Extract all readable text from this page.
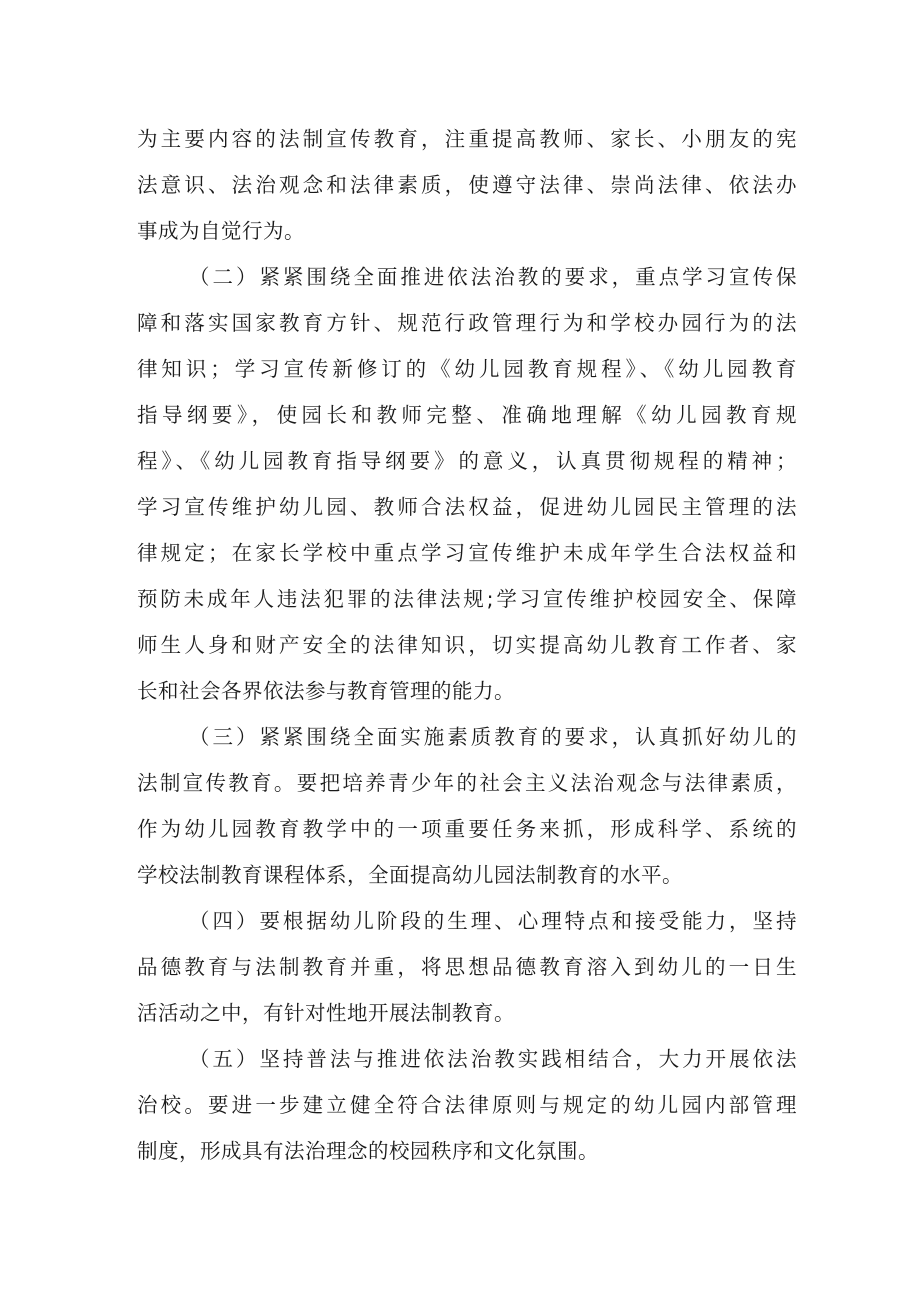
为主要内容的法制宣传教育，注重提高教师、家长、小朋友的宪
法意识、法治观念和法律素质，使遵守法律、崇尚法律、依法办
事成为自觉行为。
（二）紧紧围绕全面推进依法治教的要求，重点学习宣传保
障和落实国家教育方针、规范行政管理行为和学校办园行为的法
律知识；学习宣传新修订的《幼儿园教育规程》、《幼儿园教育
指导纲要》，使园长和教师完整、准确地理解《幼儿园教育规
程》、《幼儿园教育指导纲要》的意义，认真贯彻规程的精神；
学习宣传维护幼儿园、教师合法权益，促进幼儿园民主管理的法
律规定；在家长学校中重点学习宣传维护未成年学生合法权益和
预防未成年人违法犯罪的法律法规;学习宣传维护校园安全、保障
师生人身和财产安全的法律知识，切实提高幼儿教育工作者、家
长和社会各界依法参与教育管理的能力。
（三）紧紧围绕全面实施素质教育的要求，认真抓好幼儿的
法制宣传教育。要把培养青少年的社会主义法治观念与法律素质，
作为幼儿园教育教学中的一项重要任务来抓，形成科学、系统的
学校法制教育课程体系，全面提高幼儿园法制教育的水平。
（四）要根据幼儿阶段的生理、心理特点和接受能力，坚持
品德教育与法制教育并重，将思想品德教育溶入到幼儿的一日生
活活动之中，有针对性地开展法制教育。
（五）坚持普法与推进依法治教实践相结合，大力开展依法
治校。要进一步建立健全符合法律原则与规定的幼儿园内部管理
制度，形成具有法治理念的校园秩序和文化氛围。
